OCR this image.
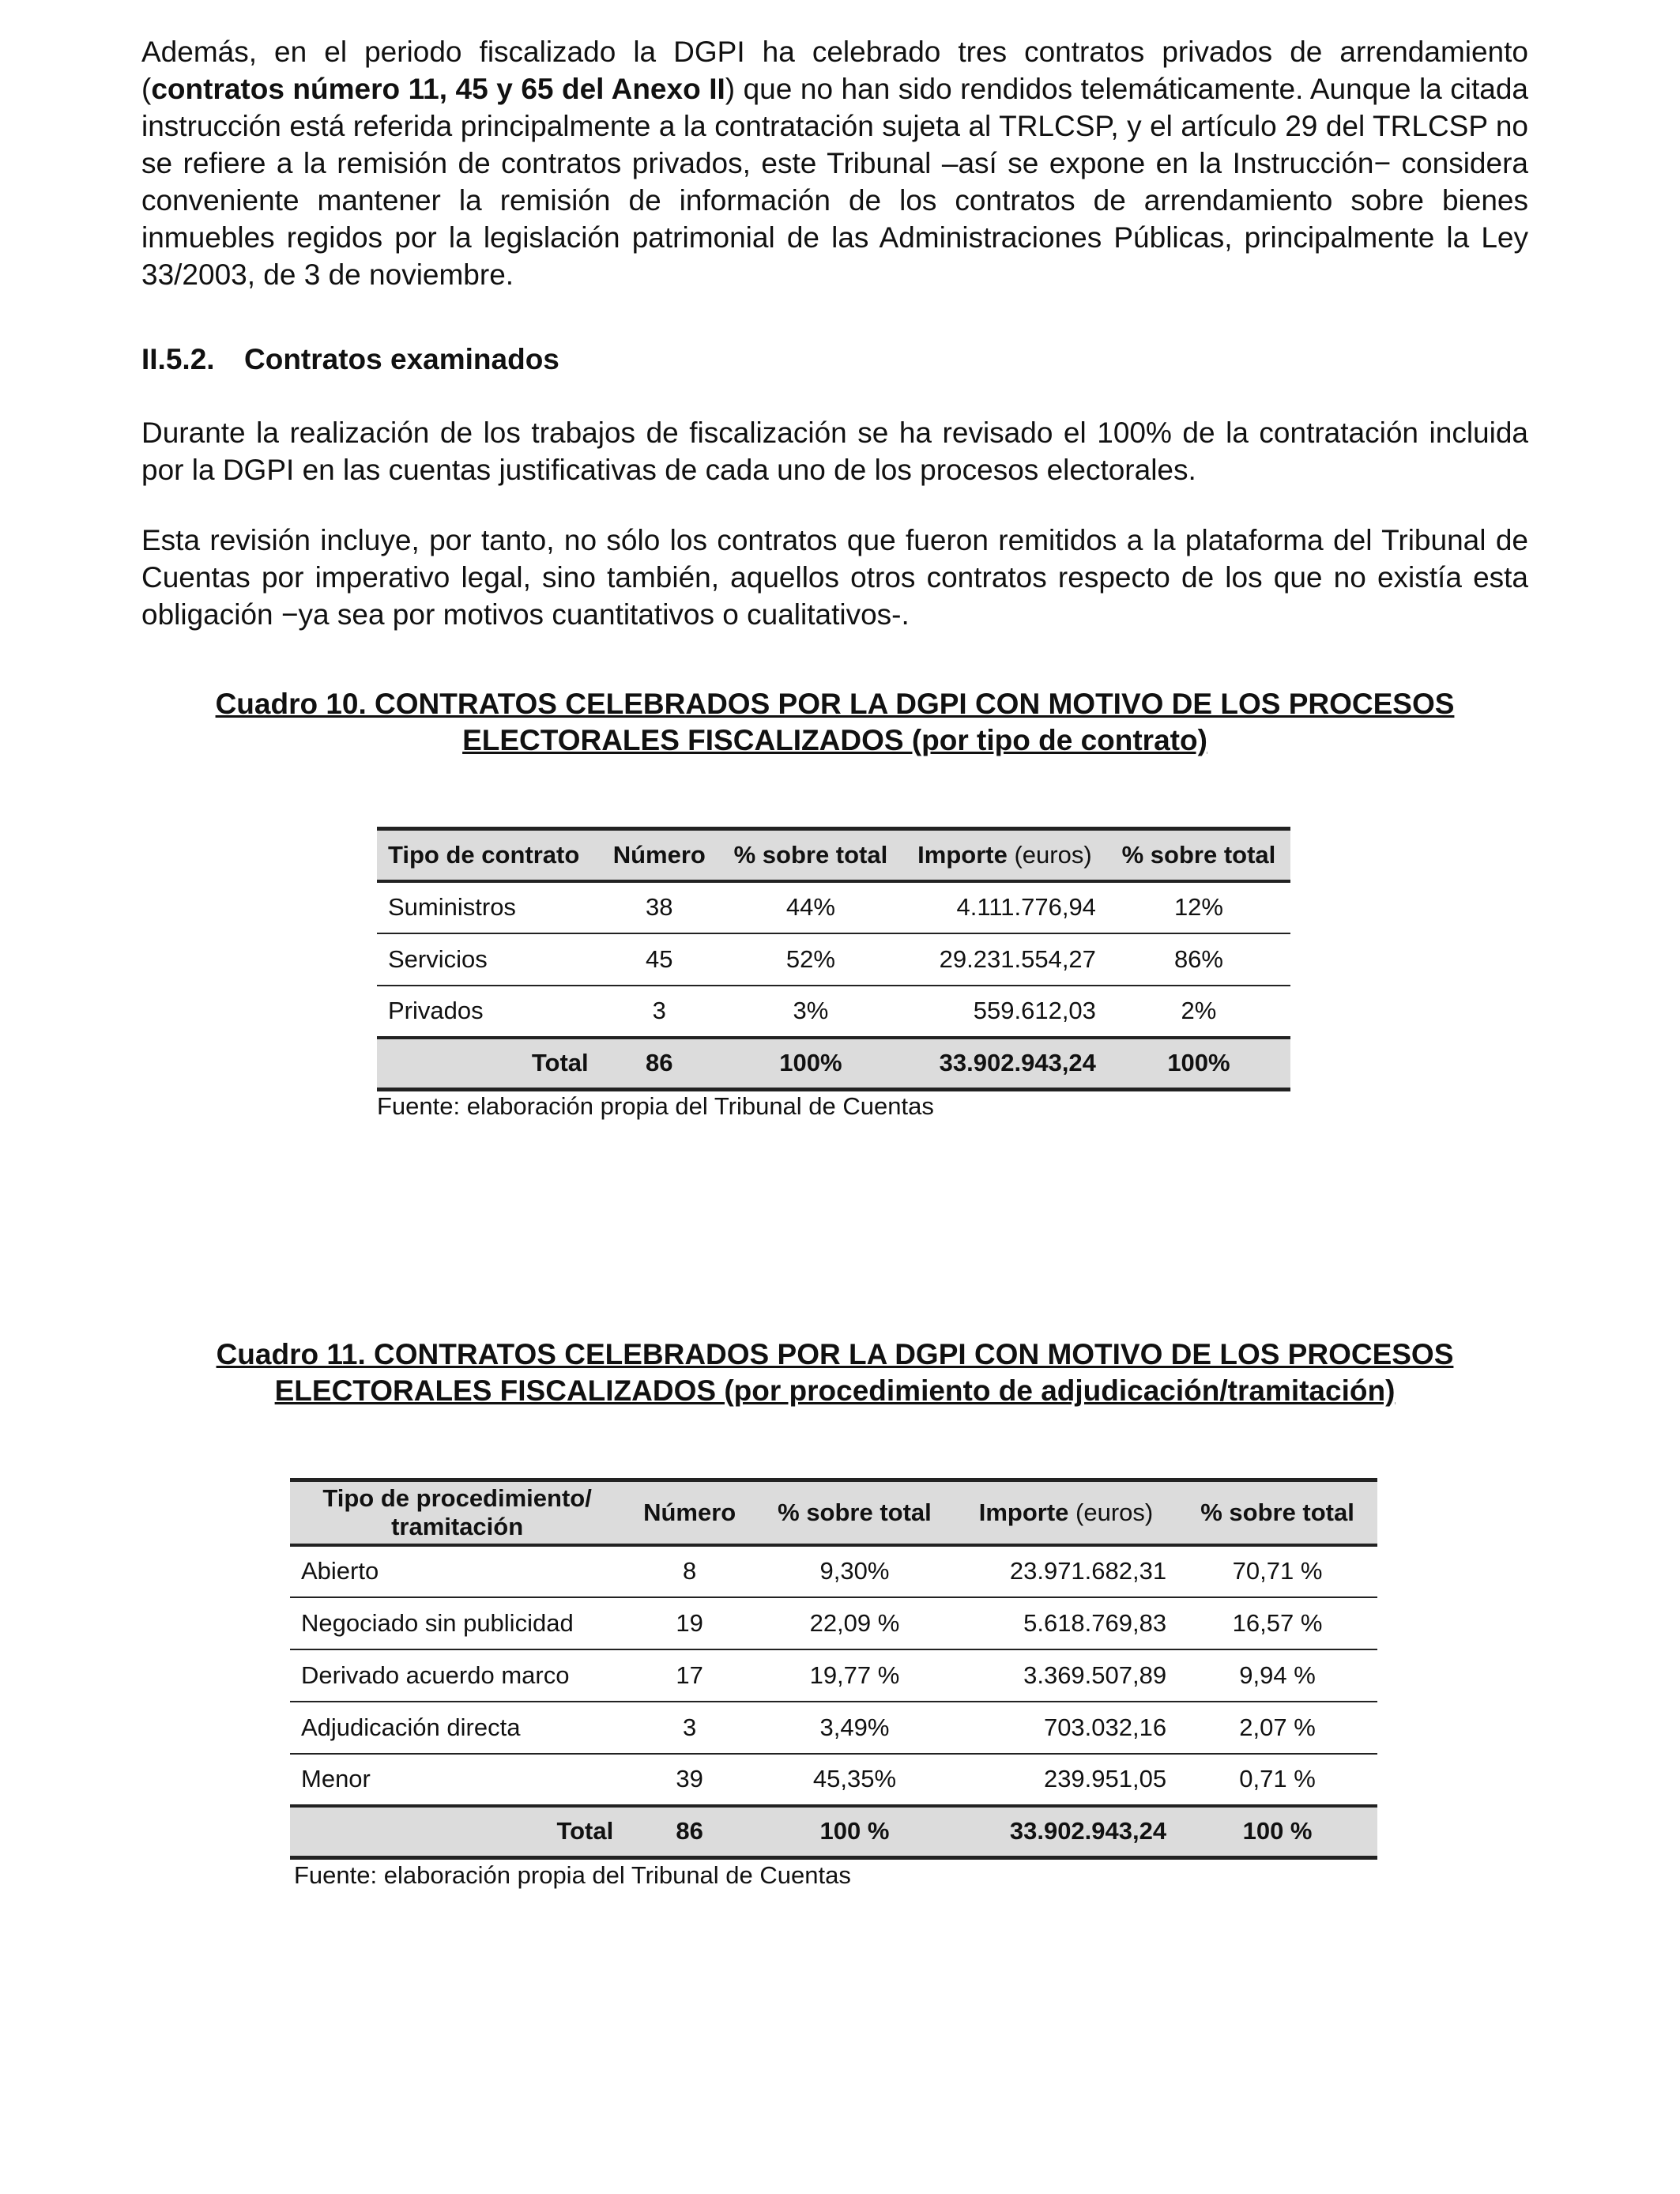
Además, en el periodo fiscalizado la DGPI ha celebrado tres contratos privados de arrendamiento (contratos número 11, 45 y 65 del Anexo II) que no han sido rendidos telemáticamente. Aunque la citada instrucción está referida principalmente a la contratación sujeta al TRLCSP, y el artículo 29 del TRLCSP no se refiere a la remisión de contratos privados, este Tribunal –así se expone en la Instrucción− considera conveniente mantener la remisión de información de los contratos de arrendamiento sobre bienes inmuebles regidos por la legislación patrimonial de las Administraciones Públicas, principalmente la Ley 33/2003, de 3 de noviembre.

II.5.2. Contratos examinados

Durante la realización de los trabajos de fiscalización se ha revisado el 100% de la contratación incluida por la DGPI en las cuentas justificativas de cada uno de los procesos electorales.

Esta revisión incluye, por tanto, no sólo los contratos que fueron remitidos a la plataforma del Tribunal de Cuentas por imperativo legal, sino también, aquellos otros contratos respecto de los que no existía esta obligación −ya sea por motivos cuantitativos o cualitativos-.

Cuadro 10. CONTRATOS CELEBRADOS POR LA DGPI CON MOTIVO DE LOS PROCESOS
ELECTORALES FISCALIZADOS (por tipo de contrato)
Tipo de contrato	Número	% sobre total	Importe (euros)	% sobre total
Suministros	38	44%	4.111.776,94	12%
Servicios	45	52%	29.231.554,27	86%
Privados	3	3%	559.612,03	2%
Total	86	100%	33.902.943,24	100%
Fuente: elaboración propia del Tribunal de Cuentas
Cuadro 11. CONTRATOS CELEBRADOS POR LA DGPI CON MOTIVO DE LOS PROCESOS
ELECTORALES FISCALIZADOS (por procedimiento de adjudicación/tramitación)
Tipo de procedimiento/
tramitación	Número	% sobre total	Importe (euros)	% sobre total
Abierto	8	9,30%	23.971.682,31	70,71 %
Negociado sin publicidad	19	22,09 %	5.618.769,83	16,57 %
Derivado acuerdo marco	17	19,77 %	3.369.507,89	9,94 %
Adjudicación directa	3	3,49%	703.032,16	2,07 %
Menor	39	45,35%	239.951,05	0,71 %
Total	86	100 %	33.902.943,24	100 %
Fuente: elaboración propia del Tribunal de Cuentas
